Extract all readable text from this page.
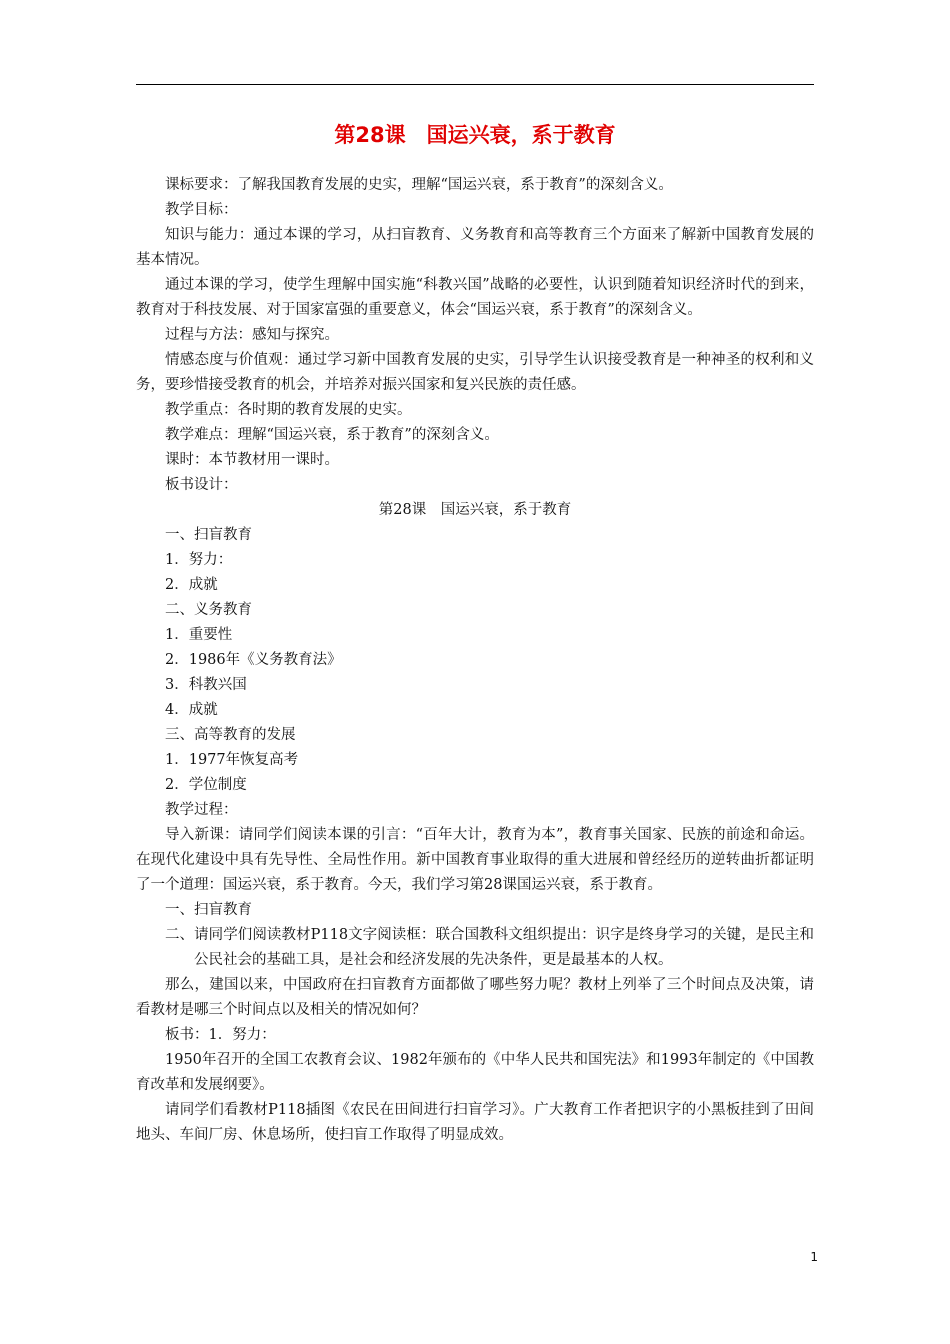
第28课　国运兴衰，系于教育

课标要求：了解我国教育发展的史实，理解“国运兴衰，系于教育”的深刻含义。

教学目标：

知识与能力：通过本课的学习，从扫盲教育、义务教育和高等教育三个方面来了解新中国教育发展的基本情况。

通过本课的学习，使学生理解中国实施“科教兴国”战略的必要性，认识到随着知识经济时代的到来，教育对于科技发展、对于国家富强的重要意义，体会“国运兴衰，系于教育”的深刻含义。

过程与方法：感知与探究。

情感态度与价值观：通过学习新中国教育发展的史实，引导学生认识接受教育是一种神圣的权利和义务，要珍惜接受教育的机会，并培养对振兴国家和复兴民族的责任感。

教学重点：各时期的教育发展的史实。

教学难点：理解“国运兴衰，系于教育”的深刻含义。

课时：本节教材用一课时。

板书设计：

第28课　国运兴衰，系于教育

一、扫盲教育

1．努力：

2．成就

二、义务教育

1．重要性

2．1986年《义务教育法》

3．科教兴国

4．成就

三、高等教育的发展

1．1977年恢复高考

2．学位制度

教学过程：

导入新课：请同学们阅读本课的引言：“百年大计，教育为本”，教育事关国家、民族的前途和命运。在现代化建设中具有先导性、全局性作用。新中国教育事业取得的重大进展和曾经经历的逆转曲折都证明了一个道理：国运兴衰，系于教育。今天，我们学习第28课国运兴衰，系于教育。

一、扫盲教育

二、请同学们阅读教材P118文字阅读框：联合国教科文组织提出：识字是终身学习的关键，是民主和公民社会的基础工具，是社会和经济发展的先决条件，更是最基本的人权。

那么，建国以来，中国政府在扫盲教育方面都做了哪些努力呢？教材上列举了三个时间点及决策，请看教材是哪三个时间点以及相关的情况如何？

板书：1．努力：

1950年召开的全国工农教育会议、1982年颁布的《中华人民共和国宪法》和1993年制定的《中国教育改革和发展纲要》。

请同学们看教材P118插图《农民在田间进行扫盲学习》。广大教育工作者把识字的小黑板挂到了田间地头、车间厂房、休息场所，使扫盲工作取得了明显成效。

1
